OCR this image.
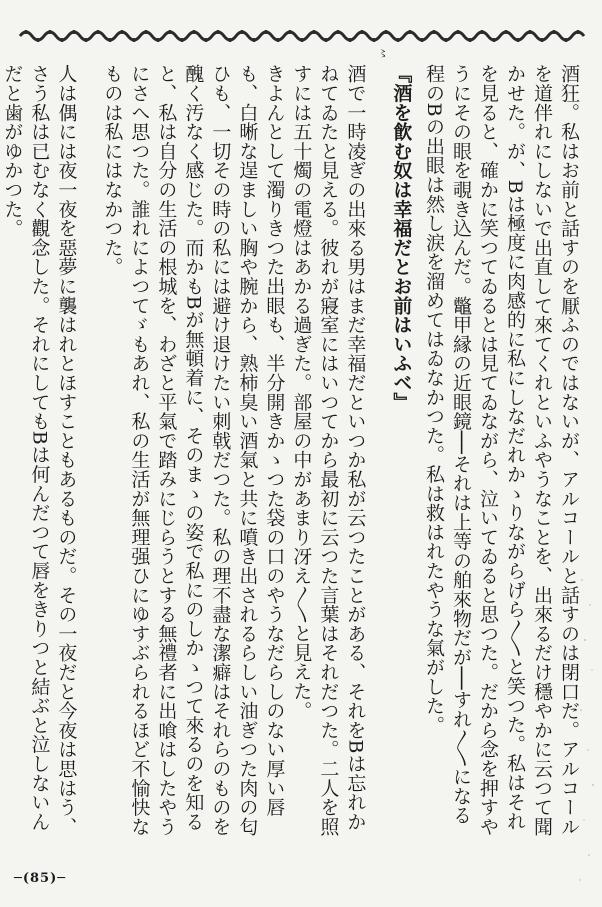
〻

酒狂。私はお前と話すのを厭ふのではないが、アルコールと話すのは閉口だ。アルコールを道伴れにしないで出直して來てくれといふやうなことを、出來るだけ穩やかに云つて聞かせた。が、Bは極度に肉感的に私にしなだれかゝりながらげら〳〵と笑つた。私はそれを見ると、確かに笑つてゐるとは見てゐながら、泣いてゐると思つた。だから念を押すやうにその眼を覗き込んだ。鼈甲縁の近眼鏡──それは上等の舶來物だが──すれ〳〵になる程のBの出眼は然し涙を溜めてはゐなかつた。私は救はれたやうな氣がした。

『酒を飮む奴は幸福だとお前はいふベ』

酒で一時凌ぎの出來る男はまだ幸福だといつか私が云つたことがある、それをBは忘れかねてゐたと見える。彼れが寢室にはいつてから最初に云つた言葉はそれだつた。二人を照すには五十燭の電燈はあかる過ぎた。部屋の中があまり冴え〳〵と見えた。

きよんとして濁りきつた出眼も、半分開きかゝつた袋の口のやうなだらしのない厚い唇も、白晰な逞ましい胸や腕から、熟柿臭い酒氣と共に噴き出されるらしい油ぎつた肉の匂ひも、一切その時の私には避け退けたい刺戟だつた。私の理不盡な潔癖はそれらのものを醜く汚なく感じた。而かもBが無頓着に、そのまゝの姿で私にのしかゝつて來るのを知ると、私は自分の生活の根城を、わざと平氣で踏みにじらうとする無禮者に出喰はしたやうにさへ思つた。誰れによつてゞもあれ、私の生活が無理强ひにゆすぶられるほど不愉快なものは私にはなかつた。

人は偶には夜一夜を惡夢に襲はれとほすこともあるものだ。その一夜だと今夜は思はう、さう私は已むなく觀念した。それにしてもBは何んだつて唇をきりつと結ぶと泣しないんだと歯がゆかつた。

─(85)─
